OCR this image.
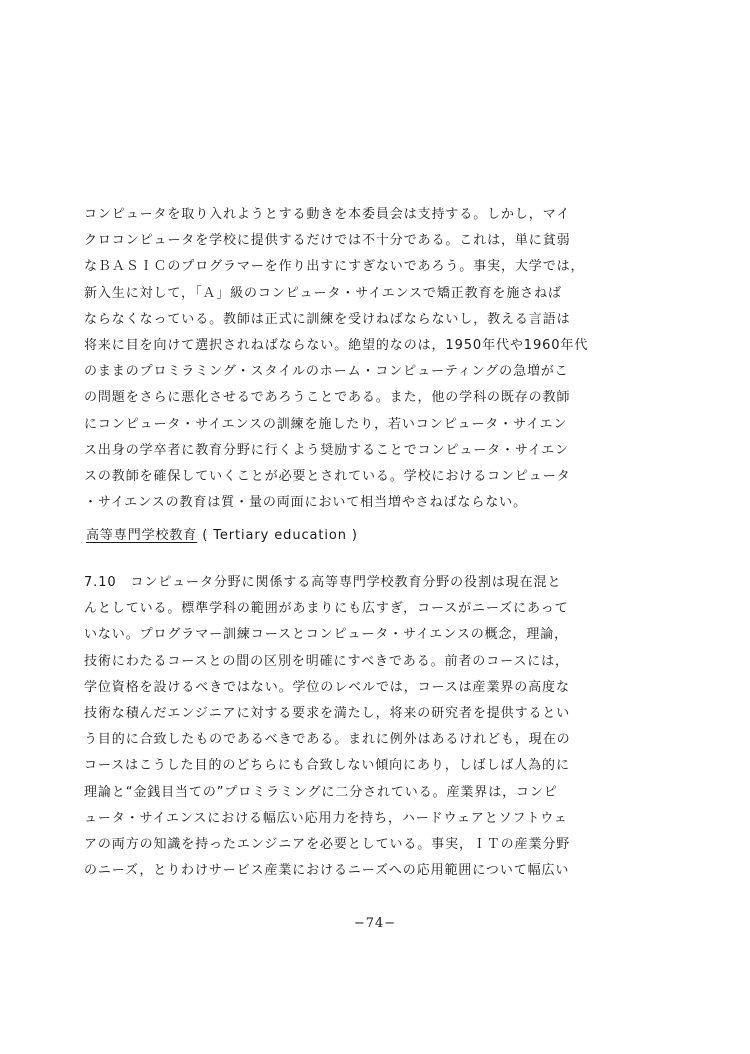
コンピュータを取り入れようとする動きを本委員会は支持する。しかし，マイ
クロコンピュータを学校に提供するだけでは不十分である。これは，単に貧弱
なＢＡＳＩＣのプログラマーを作り出すにすぎないであろう。事実，大学では，
新入生に対して，「Ａ」級のコンピュータ・サイエンスで矯正教育を施さねば
ならなくなっている。教師は正式に訓練を受けねばならないし，教える言語は
将来に目を向けて選択されねばならない。絶望的なのは，1950年代や1960年代
のままのプロミラミング・スタイルのホーム・コンピューティングの急増がこ
の問題をさらに悪化させるであろうことである。また，他の学科の既存の教師
にコンピュータ・サイエンスの訓練を施したり，若いコンピュータ・サイエン
ス出身の学卒者に教育分野に行くよう奨励することでコンピュータ・サイエン
スの教師を確保していくことが必要とされている。学校におけるコンピュータ
・サイエンスの教育は質・量の両面において相当増やさねばならない。
高等専門学校教育 ( Tertiary education )
7.10　コンピュータ分野に関係する高等専門学校教育分野の役割は現在混と
んとしている。標準学科の範囲があまりにも広すぎ，コースがニーズにあって
いない。プログラマー訓練コースとコンピュータ・サイエンスの概念，理論，
技術にわたるコースとの間の区別を明確にすべきである。前者のコースには，
学位資格を設けるべきではない。学位のレベルでは，コースは産業界の高度な
技術な積んだエンジニアに対する要求を満たし，将来の研究者を提供するとい
う目的に合致したものであるべきである。まれに例外はあるけれども，現在の
コースはこうした目的のどちらにも合致しない傾向にあり，しばしば人為的に
理論と“金銭目当ての”プロミラミングに二分されている。産業界は，コンピ
ュータ・サイエンスにおける幅広い応用力を持ち，ハードウェアとソフトウェ
アの両方の知識を持ったエンジニアを必要としている。事実，ＩＴの産業分野
のニーズ，とりわけサービス産業におけるニーズへの応用範囲について幅広い
−74−
